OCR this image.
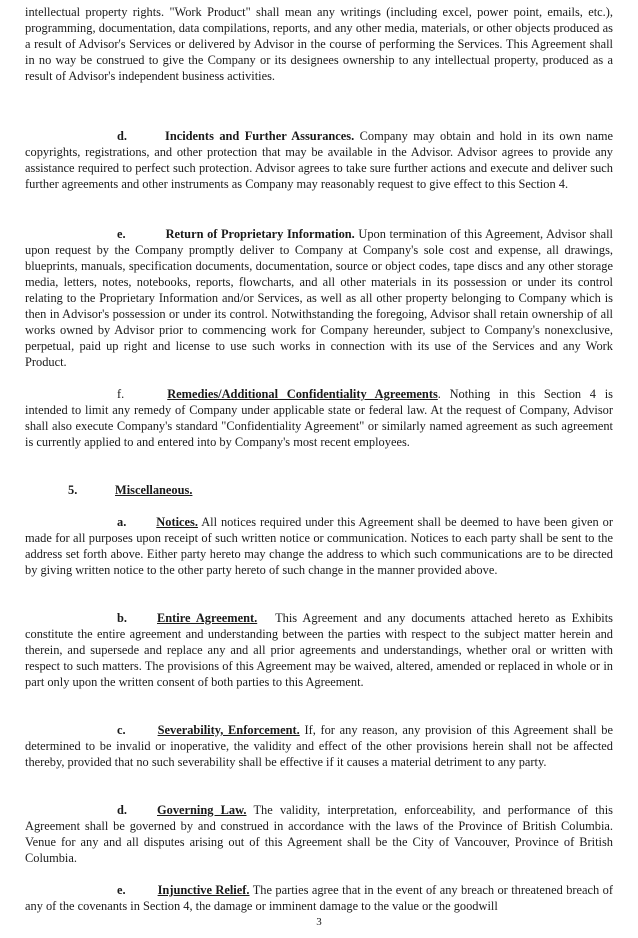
intellectual property rights. "Work Product" shall mean any writings (including excel, power point, emails, etc.), programming, documentation, data compilations, reports, and any other media, materials, or other objects produced as a result of Advisor's Services or delivered by Advisor in the course of performing the Services. This Agreement shall in no way be construed to give the Company or its designees ownership to any intellectual property, produced as a result of Advisor's independent business activities.

d.	Incidents and Further Assurances. Company may obtain and hold in its own name copyrights, registrations, and other protection that may be available in the Advisor. Advisor agrees to provide any assistance required to perfect such protection. Advisor agrees to take sure further actions and execute and deliver such further agreements and other instruments as Company may reasonably request to give effect to this Section 4.

e.	Return of Proprietary Information. Upon termination of this Agreement, Advisor shall upon request by the Company promptly deliver to Company at Company's sole cost and expense, all drawings, blueprints, manuals, specification documents, documentation, source or object codes, tape discs and any other storage media, letters, notes, notebooks, reports, flowcharts, and all other materials in its possession or under its control relating to the Proprietary Information and/or Services, as well as all other property belonging to Company which is then in Advisor's possession or under its control. Notwithstanding the foregoing, Advisor shall retain ownership of all works owned by Advisor prior to commencing work for Company hereunder, subject to Company's nonexclusive, perpetual, paid up right and license to use such works in connection with its use of the Services and any Work Product.

f.	Remedies/Additional Confidentiality Agreements. Nothing in this Section 4 is intended to limit any remedy of Company under applicable state or federal law. At the request of Company, Advisor shall also execute Company's standard "Confidentiality Agreement" or similarly named agreement as such agreement is currently applied to and entered into by Company's most recent employees.

5.	Miscellaneous.

a. Notices. All notices required under this Agreement shall be deemed to have been given or made for all purposes upon receipt of such written notice or communication. Notices to each party shall be sent to the address set forth above. Either party hereto may change the address to which such communications are to be directed by giving written notice to the other party hereto of such change in the manner provided above.

b. Entire Agreement. This Agreement and any documents attached hereto as Exhibits constitute the entire agreement and understanding between the parties with respect to the subject matter herein and therein, and supersede and replace any and all prior agreements and understandings, whether oral or written with respect to such matters. The provisions of this Agreement may be waived, altered, amended or replaced in whole or in part only upon the written consent of both parties to this Agreement.

c.	Severability, Enforcement. If, for any reason, any provision of this Agreement shall be determined to be invalid or inoperative, the validity and effect of the other provisions herein shall not be affected thereby, provided that no such severability shall be effective if it causes a material detriment to any party.

d. Governing Law. The validity, interpretation, enforceability, and performance of this Agreement shall be governed by and construed in accordance with the laws of the Province of British Columbia. Venue for any and all disputes arising out of this Agreement shall be the City of Vancouver, Province of British Columbia.

e.	Injunctive Relief. The parties agree that in the event of any breach or threatened breach of any of the covenants in Section 4, the damage or imminent damage to the value or the goodwill

3
